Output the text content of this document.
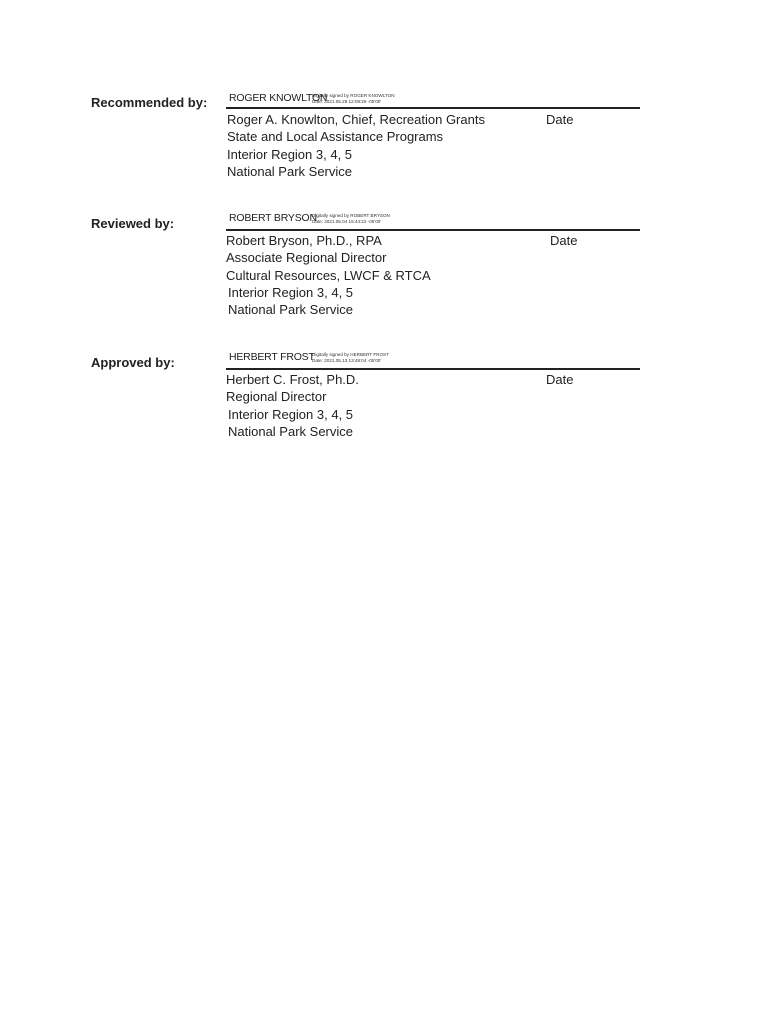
Recommended by: ROGER KNOWLTON
Digitally signed by ROGER KNOWLTON
Date: 2021.05.28 12:08:26 -05'00'
Roger A. Knowlton, Chief, Recreation Grants
State and Local Assistance Programs
Interior Region 3, 4, 5
National Park Service
Date
Reviewed by:	ROBERT BRYSON
Digitally signed by ROBERT BRYSON
Date: 2021.05.04 15:44:22 -05'00'
Robert Bryson, Ph.D., RPA
Associate Regional Director
Cultural Resources, LWCF & RTCA
Interior Region 3, 4, 5
National Park Service
Date
Approved by:	HERBERT FROST
Digitally signed by HERBERT FROST
Date: 2021.05.13 13:48:04 -05'00'
Herbert C. Frost, Ph.D.
Regional Director
Interior Region 3, 4, 5
National Park Service
Date
